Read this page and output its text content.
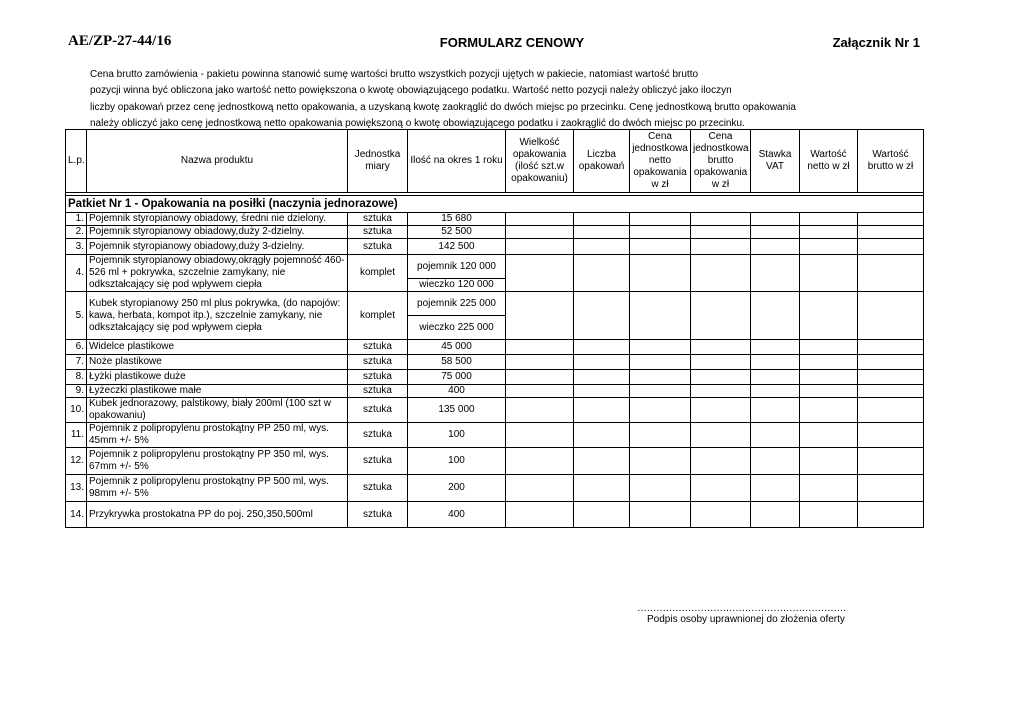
AE/ZP-27-44/16	FORMULARZ CENOWY	Załącznik Nr 1
Cena brutto zamówienia - pakietu powinna stanowić sumę wartości brutto wszystkich pozycji ujętych w pakiecie, natomiast wartość brutto
pozycji winna być obliczona jako wartość netto powiększona o kwotę obowiązującego podatku. Wartość netto pozycji należy obliczyć jako iloczyn
liczby opakowań przez cenę jednostkową netto opakowania, a uzyskaną kwotę zaokrąglić do dwóch miejsc po przecinku. Cenę jednostkową brutto opakowania
należy obliczyć jako cenę jednostkową netto opakowania powiększoną o kwotę obowiązującego podatku i zaokrąglić do dwóch miejsc po przecinku.
L.p.	Nazwa produktu	Jednostka miary	Ilość na okres 1 roku	Wielkość opakowania (ilość szt.w opakowaniu)	Liczba opakowań	Cena jednostkowa netto opakowania w zł	Cena jednostkowa brutto opakowania w zł	Stawka VAT	Wartość netto w zł	Wartość brutto w zł

Patkiet Nr 1 - Opakowania na posiłki (naczynia jednorazowe)										
1.	Pojemnik styropianowy obiadowy, średni nie dzielony.	sztuka	15 680							
2.	Pojemnik styropianowy obiadowy,duży 2-dzielny.	sztuka	52 500							
3.	Pojemnik styropianowy obiadowy,duży 3-dzielny.	sztuka	142 500							
4.	Pojemnik styropianowy obiadowy,okrągły pojemność 460-526 ml + pokrywka, szczelnie zamykany, nie odkształcający się pod wpływem ciepła	komplet	pojemnik 120 000							
			wieczko 120 000							
5.	Kubek styropianowy 250 ml plus pokrywka, (do napojów: kawa, herbata, kompot itp.), szczelnie zamykany, nie odkształcający się pod wpływem ciepła	komplet	pojemnik 225 000							
			wieczko 225 000							
6.	Widelce plastikowe	sztuka	45 000							
7.	Noże plastikowe	sztuka	58 500							
8.	Łyżki plastikowe duże	sztuka	75 000							
9.	Łyżeczki plastikowe małe	sztuka	400							
10.	Kubek jednorazowy, palstikowy, biały 200ml (100 szt w opakowaniu)	sztuka	135 000							
11.	Pojemnik z polipropylenu prostokątny PP 250 ml, wys. 45mm +/- 5%	sztuka	100							
12.	Pojemnik z polipropylenu prostokątny PP 350 ml, wys. 67mm +/- 5%	sztuka	100							
13.	Pojemnik z polipropylenu prostokątny PP 500 ml, wys. 98mm +/- 5%	sztuka	200							
14.	Przykrywka prostokatna PP do poj. 250,350,500ml	sztuka	400							
…………………………………………………………
Podpis osoby uprawnionej do złożenia oferty
